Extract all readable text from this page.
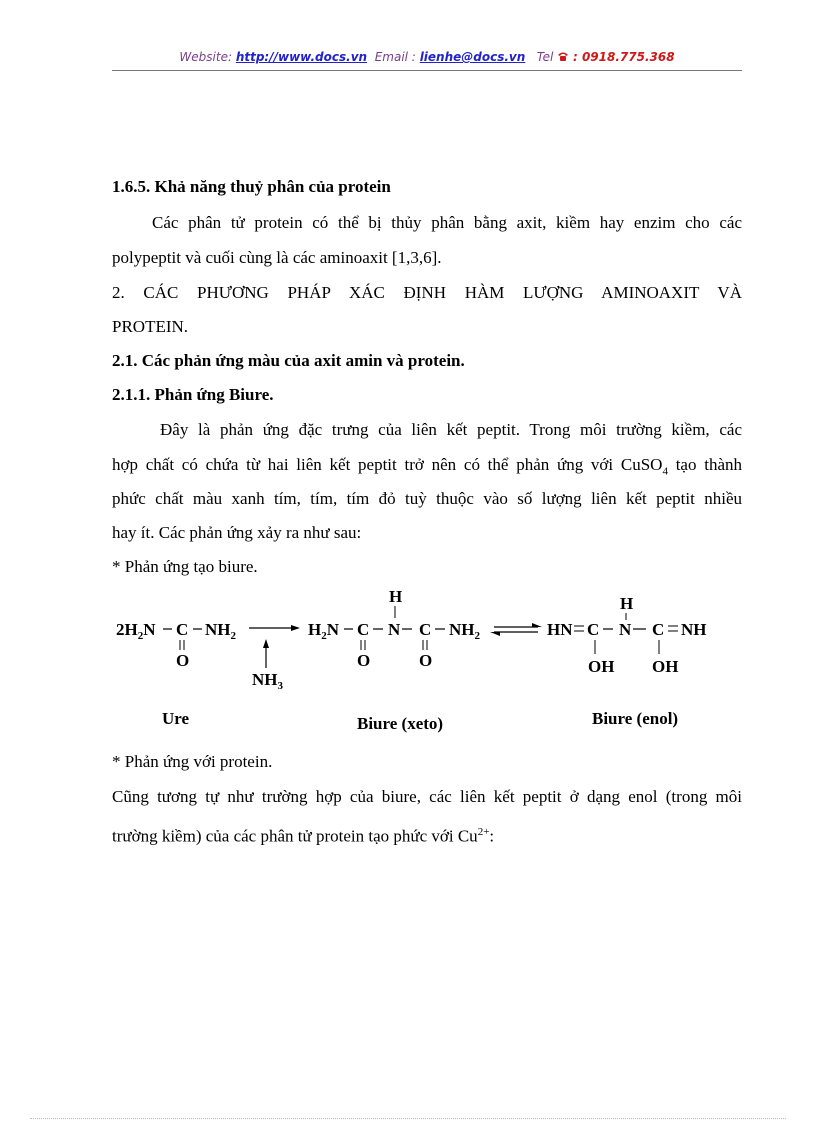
Website: http://www.docs.vn Email : lienhe@docs.vn Tel : 0918.775.368
1.6.5. Khả năng thuỷ phân của protein
Các phân tử protein có thể bị thủy phân bằng axit, kiềm hay enzim cho các
polypeptit và cuối cùng là các aminoaxit [1,3,6].
2. CÁC PHƯƠNG PHÁP XÁC ĐỊNH HÀM LƯỢNG AMINOAXIT VÀ
PROTEIN.
2.1. Các phản ứng màu của axit amin và protein.
2.1.1. Phản ứng Biure.
Đây là phản ứng đặc trưng của liên kết peptit. Trong môi trường kiềm, các
hợp chất có chứa từ hai liên kết peptit trở nên có thể phản ứng với CuSO$_4$ tạo thành
phức chất màu xanh tím, tím, tím đỏ tuỳ thuộc vào số lượng liên kết peptit nhiều
hay ít. Các phản ứng xảy ra như sau:
* Phản ứng tạo biure.
$2H_2N$ C $NH_2$
O
$NH_3$
$H_2N$ C N C $NH_2$
H
O	O
HN C N C NH
H
OH OH
Ure	Biure (xeto)	Biure (enol)
* Phản ứng với protein.
Cũng tương tự như trường hợp của biure, các liên kết peptit ở dạng enol (trong môi
trường kiềm) của các phân tử protein tạo phức với $Cu^{2+}$:
